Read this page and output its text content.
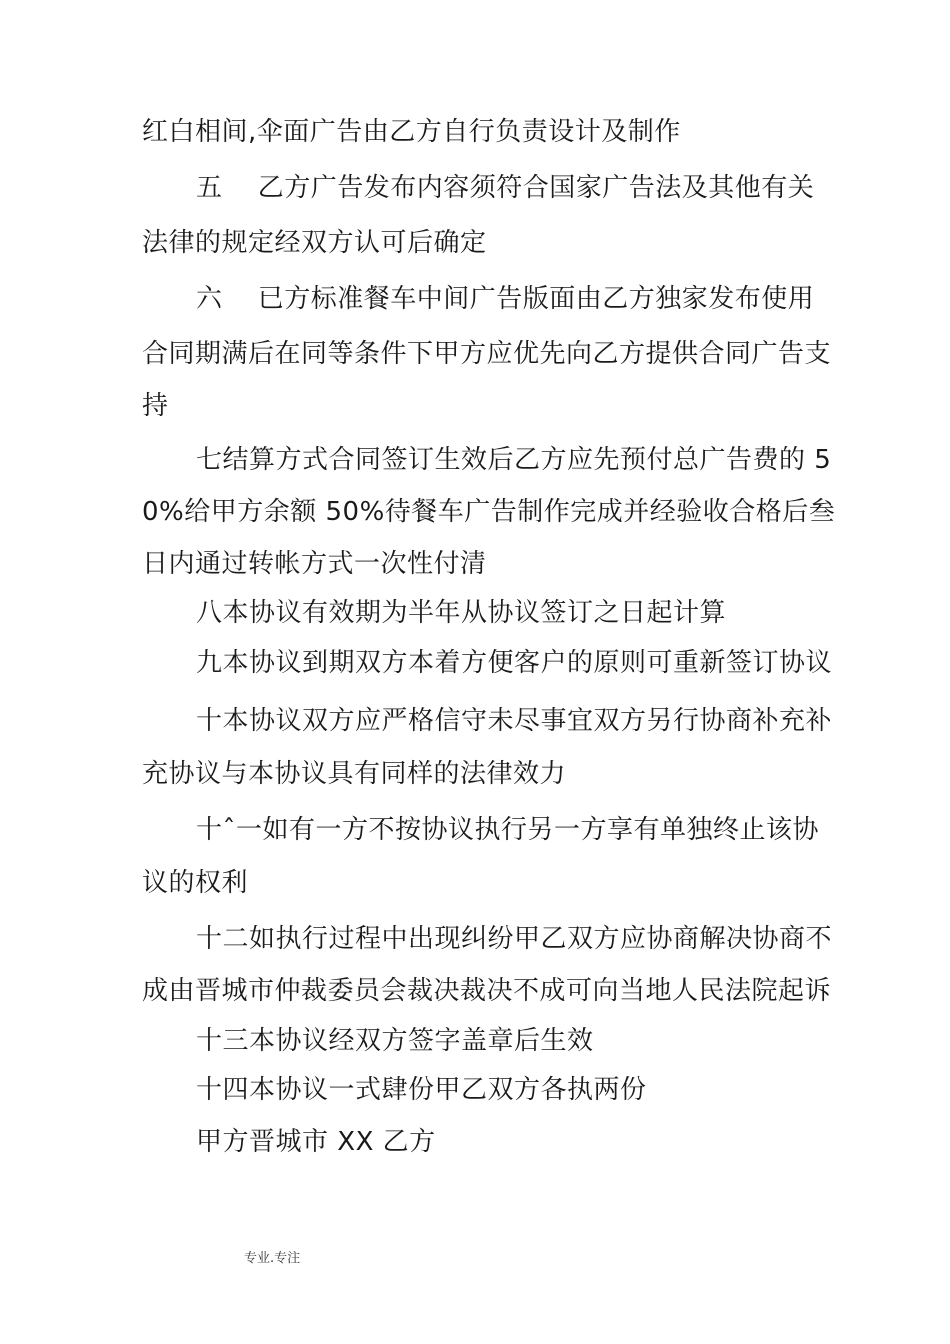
红白相间,伞面广告由乙方自行负责设计及制作
五　 乙方广告发布内容须符合国家广告法及其他有关
法律的规定经双方认可后确定
六　 已方标准餐车中间广告版面由乙方独家发布使用
合同期满后在同等条件下甲方应优先向乙方提供合同广告支
持
七结算方式合同签订生效后乙方应先预付总广告费的 5
0%给甲方余额 50%待餐车广告制作完成并经验收合格后叁
日内通过转帐方式一次性付清
八本协议有效期为半年从协议签订之日起计算
九本协议到期双方本着方便客户的原则可重新签订协议
十本协议双方应严格信守未尽事宜双方另行协商补充补
充协议与本协议具有同样的法律效力
十ˆ一如有一方不按协议执行另一方享有单独终止该协
议的权利
十二如执行过程中出现纠纷甲乙双方应协商解决协商不
成由晋城市仲裁委员会裁决裁决不成可向当地人民法院起诉
十三本协议经双方签字盖章后生效
十四本协议一式肆份甲乙双方各执两份
甲方晋城市 XX 乙方
专业.专注
